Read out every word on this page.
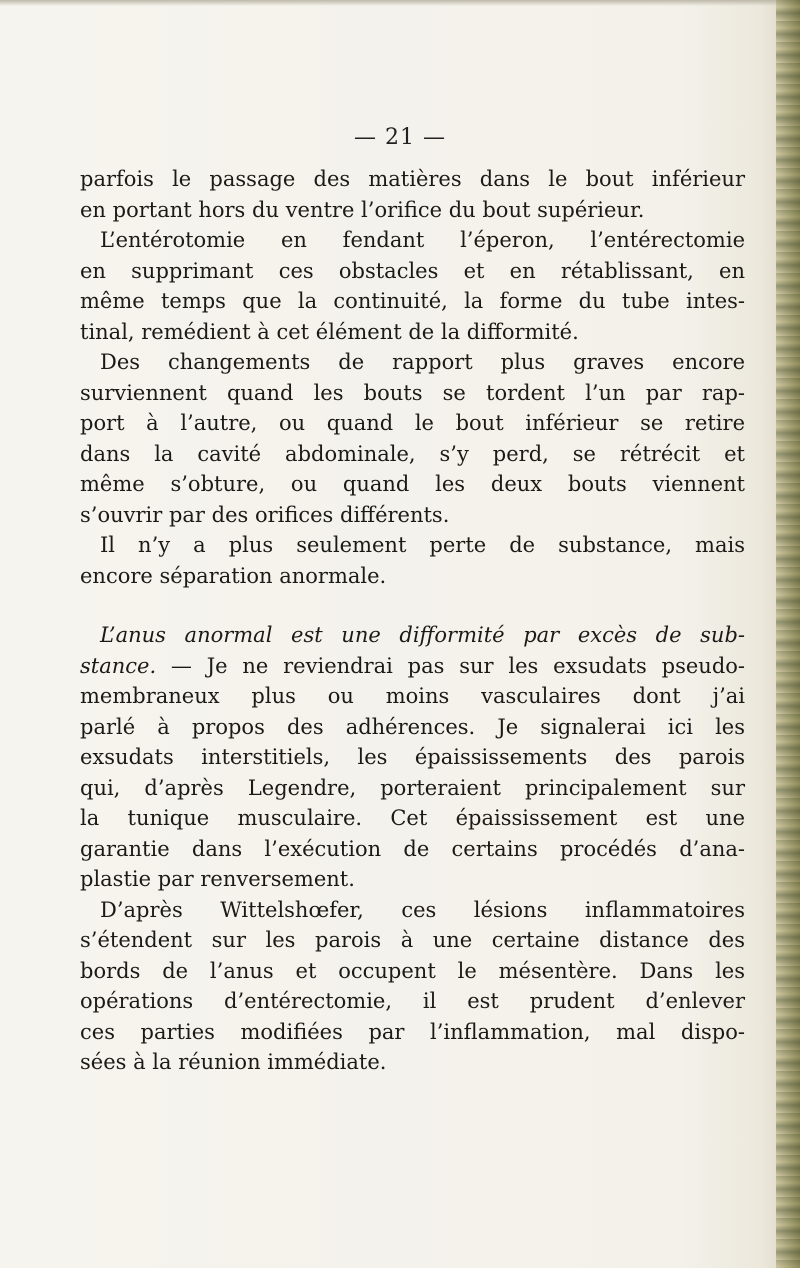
— 21 —

parfois le passage des matières dans le bout inférieur
en portant hors du ventre l’orifice du bout supérieur.

L’entérotomie en fendant l’éperon, l’entérectomie
en supprimant ces obstacles et en rétablissant, en
même temps que la continuité, la forme du tube intes-
tinal, remédient à cet élément de la difformité.

Des changements de rapport plus graves encore
surviennent quand les bouts se tordent l’un par rap-
port à l’autre, ou quand le bout inférieur se retire
dans la cavité abdominale, s’y perd, se rétrécit et
même s’obture, ou quand les deux bouts viennent
s’ouvrir par des orifices différents.

Il n’y a plus seulement perte de substance, mais
encore séparation anormale.

L’anus anormal est une difformité par excès de sub-
stance. — Je ne reviendrai pas sur les exsudats pseudo-
membraneux plus ou moins vasculaires dont j’ai
parlé à propos des adhérences. Je signalerai ici les
exsudats interstitiels, les épaississements des parois
qui, d’après Legendre, porteraient principalement sur
la tunique musculaire. Cet épaississement est une
garantie dans l’exécution de certains procédés d’ana-
plastie par renversement.

D’après Wittelshœfer, ces lésions inflammatoires
s’étendent sur les parois à une certaine distance des
bords de l’anus et occupent le mésentère. Dans les
opérations d’entérectomie, il est prudent d’enlever
ces parties modifiées par l’inflammation, mal dispo-
sées à la réunion immédiate.
